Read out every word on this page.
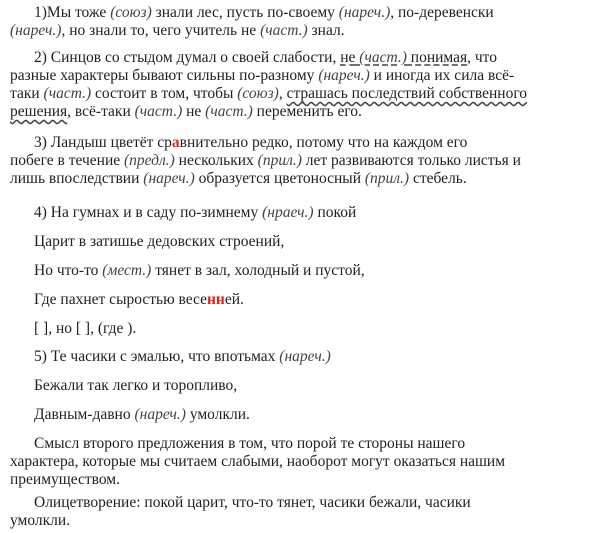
1)Мы тоже (союз) знали лес, пусть по-своему (нареч.), по-деревенски
(нареч.), но знали то, чего учитель не (част.) знал.

2) Синцов со стыдом думал о своей слабости, не (част.) понимая, что
разные характеры бывают сильны по-разному (нареч.) и иногда их сила всё-
таки (част.) состоит в том, чтобы (союз), страшась последствий собственного
решения, всё-таки (част.) не (част.) переменить его.

3) Ландыш цветёт сравнительно редко, потому что на каждом его
побеге в течение (предл.) нескольких (прил.) лет развиваются только листья и
лишь впоследствии (нареч.) образуется цветоносный (прил.) стебель.

4) На гумнах и в саду по-зимнему (нраеч.) покой

Царит в затишье дедовских строений,

Но что-то (мест.) тянет в зал, холодный и пустой,

Где пахнет сыростью весенней.

[ ], но [ ], (где ).

5) Те часики с эмалью, что впотьмах (нареч.)

Бежали так легко и торопливо,

Давным-давно (нареч.) умолкли.

Смысл второго предложения в том, что порой те стороны нашего
характера, которые мы считаем слабыми, наоборот могут оказаться нашим
преимуществом.

Олицетворение: покой царит, что-то тянет, часики бежали, часики
умолкли.
